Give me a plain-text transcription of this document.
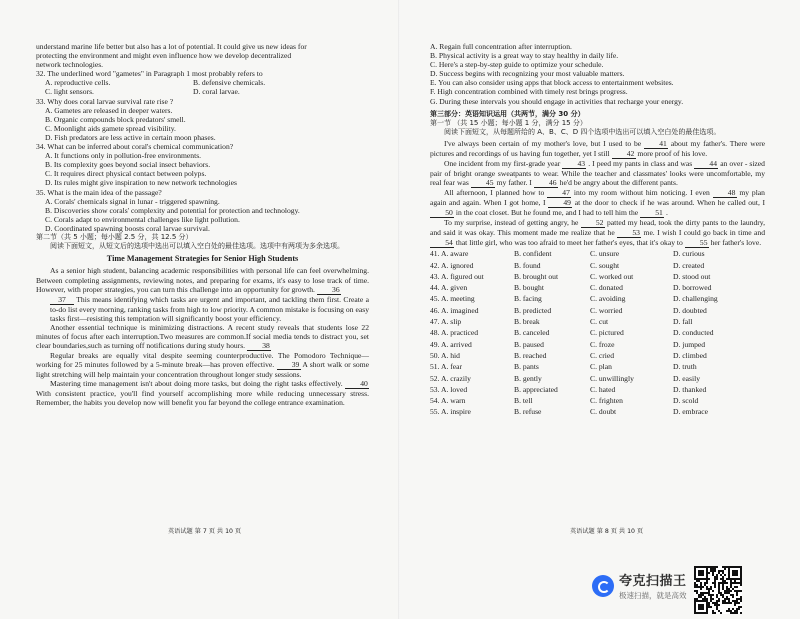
understand marine life better but also has a lot of potential. It could give us new ideas for
protecting the environment and might even influence how we develop decentralized
network technologies.
32. The underlined word "gametes" in Paragraph 1 most probably refers to
A. reproductive cells.	B. defensive chemicals.
C. light sensors.	D. coral larvae.
33. Why does coral larvae survival rate rise ?
A. Gametes are released in deeper waters.
B. Organic compounds block predators' smell.
C. Moonlight aids gamete spread visibility.
D. Fish predators are less active in certain moon phases.
34. What can be inferred about coral's chemical communication?
A. It functions only in pollution-free environments.
B. Its complexity goes beyond social insect behaviors.
C. It requires direct physical contact between polyps.
D. Its rules might give inspiration to new network technologies
35. What is the main idea of the passage?
A. Corals' chemicals signal in lunar - triggered spawning.
B. Discoveries show corals' complexity and potential for protection and technology.
C. Corals adapt to environmental challenges like light pollution.
D. Coordinated spawning boosts coral larvae survival.
第二节（共 5 小题；每小题 2.5 分，共 12.5 分）
阅读下面短文，从短文后的选项中选出可以填入空白处的最佳选项。选项中有两项为多余选项。
Time Management Strategies for Senior High Students
As a senior high student, balancing academic responsibilities with personal life can feel overwhelming. Between completing assignments, reviewing notes, and preparing for exams, it's easy to lose track of time. However, with proper strategies, you can turn this challenge into an opportunity for growth. 36
37 This means identifying which tasks are urgent and important, and tackling them first. Create a to-do list every morning, ranking tasks from high to low priority. A common mistake is focusing on easy tasks first—resisting this temptation will significantly boost your efficiency.
Another essential technique is minimizing distractions. A recent study reveals that students lose 22 minutes of focus after each interruption.Two measures are common.If social media tends to distract you, set clear boundaries,such as turning off notifications during study hours. 38
Regular breaks are equally vital despite seeming counterproductive. The Pomodoro Technique—working for 25 minutes followed by a 5-minute break—has proven effective. 39 A short walk or some light stretching will help maintain your concentration throughout longer study sessions.
Mastering time management isn't about doing more tasks, but doing the right tasks effectively. 40 With consistent practice, you'll find yourself accomplishing more while reducing unnecessary stress. Remember, the habits you develop now will benefit you far beyond the college entrance examination.
英语试题 第 7 页 共 10 页
A. Regain full concentration after interruption.
B. Physical activity is a great way to stay healthy in daily life.
C. Here's a step-by-step guide to optimize your schedule.
D. Success begins with recognizing your most valuable matters.
E. You can also consider using apps that block access to entertainment websites.
F. High concentration combined with timely rest brings progress.
G. During these intervals you should engage in activities that recharge your energy.
第三部分：英语知识运用（共两节，满分 30 分）
第一节 （共 15 小题；每小题 1 分，满分 15 分）
阅读下面短文，从每题所给的 A、B、C、D 四个选项中选出可以填入空白处的最佳选项。
I've always been certain of my mother's love, but I used to be 41 about my father's. There were pictures and recordings of us having fun together, yet I still 42 more proof of his love.
One incident from my first-grade year 43 . I peed my pants in class and was 44 an over - sized pair of bright orange sweatpants to wear. While the teacher and classmates' looks were uncomfortable, my real fear was 45 my father. I 46 he'd be angry about the different pants.
All afternoon, I planned how to 47 into my room without him noticing. I even 48 my plan again and again. When I got home, I 49 at the door to check if he was around. When he called out, I 50 in the coat closet. But he found me, and I had to tell him the 51 .
To my surprise, instead of getting angry, he 52 patted my head, took the dirty pants to the laundry, and said it was okay. This moment made me realize that he 53 me. I wish I could go back in time and 54 that little girl, who was too afraid to meet her father's eyes, that it's okay to 55 her father's love.
41. A. aware	B. confident	C. unsure	D. curious
42. A. ignored	B. found	C. sought	D. created
43. A. figured out	B. brought out	C. worked out	D. stood out
44. A. given	B. bought	C. donated	D. borrowed
45. A. meeting	B. facing	C. avoiding	D. challenging
46. A. imagined	B. predicted	C. worried	D. doubted
47. A. slip	B. break	C. cut	D. fall
48. A. practiced	B. canceled	C. pictured	D. conducted
49. A. arrived	B. paused	C. froze	D. jumped
50. A. hid	B. reached	C. cried	D. climbed
51. A. fear	B. pants	C. plan	D. truth
52. A. crazily	B. gently	C. unwillingly	D. easily
53. A. loved	B. appreciated	C. hated	D. thanked
54. A. warn	B. tell	C. frighten	D. scold
55. A. inspire	B. refuse	C. doubt	D. embrace
英语试题 第 8 页 共 10 页
夸克扫描王
极速扫描，就是高效
